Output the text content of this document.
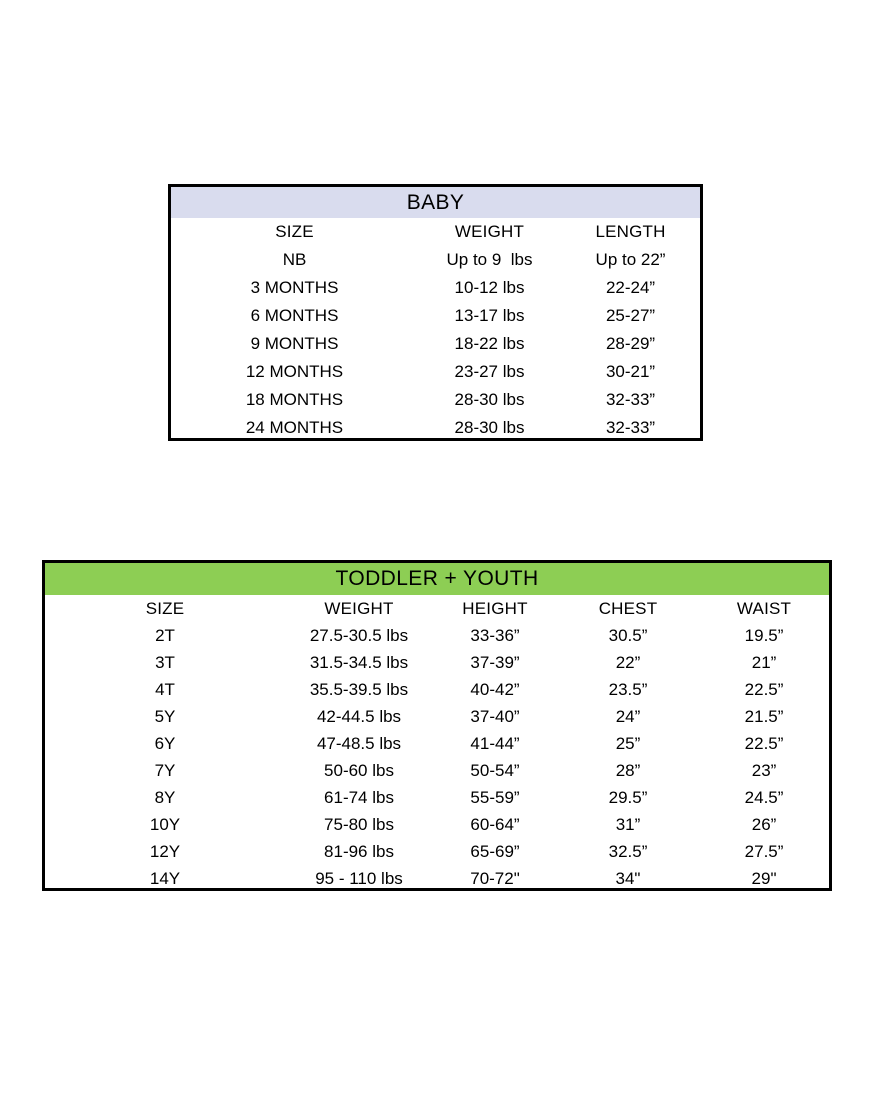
BABY		
SIZE	WEIGHT	LENGTH
NB	Up to 9  lbs	Up to 22”
3 MONTHS	10-12 lbs	22-24”
6 MONTHS	13-17 lbs	25-27”
9 MONTHS	18-22 lbs	28-29”
12 MONTHS	23-27 lbs	30-21”
18 MONTHS	28-30 lbs	32-33”
24 MONTHS	28-30 lbs	32-33”
TODDLER + YOUTH				
SIZE	WEIGHT	HEIGHT	CHEST	WAIST
2T	27.5-30.5 lbs	33-36”	30.5”	19.5”
3T	31.5-34.5 lbs	37-39”	22”	21”
4T	35.5-39.5 lbs	40-42”	23.5”	22.5”
5Y	42-44.5 lbs	37-40”	24”	21.5”
6Y	47-48.5 lbs	41-44”	25”	22.5”
7Y	50-60 lbs	50-54”	28”	23”
8Y	61-74 lbs	55-59”	29.5”	24.5”
10Y	75-80 lbs	60-64”	31”	26”
12Y	81-96 lbs	65-69”	32.5”	27.5”
14Y	95 - 110 lbs	70-72"	34"	29"
